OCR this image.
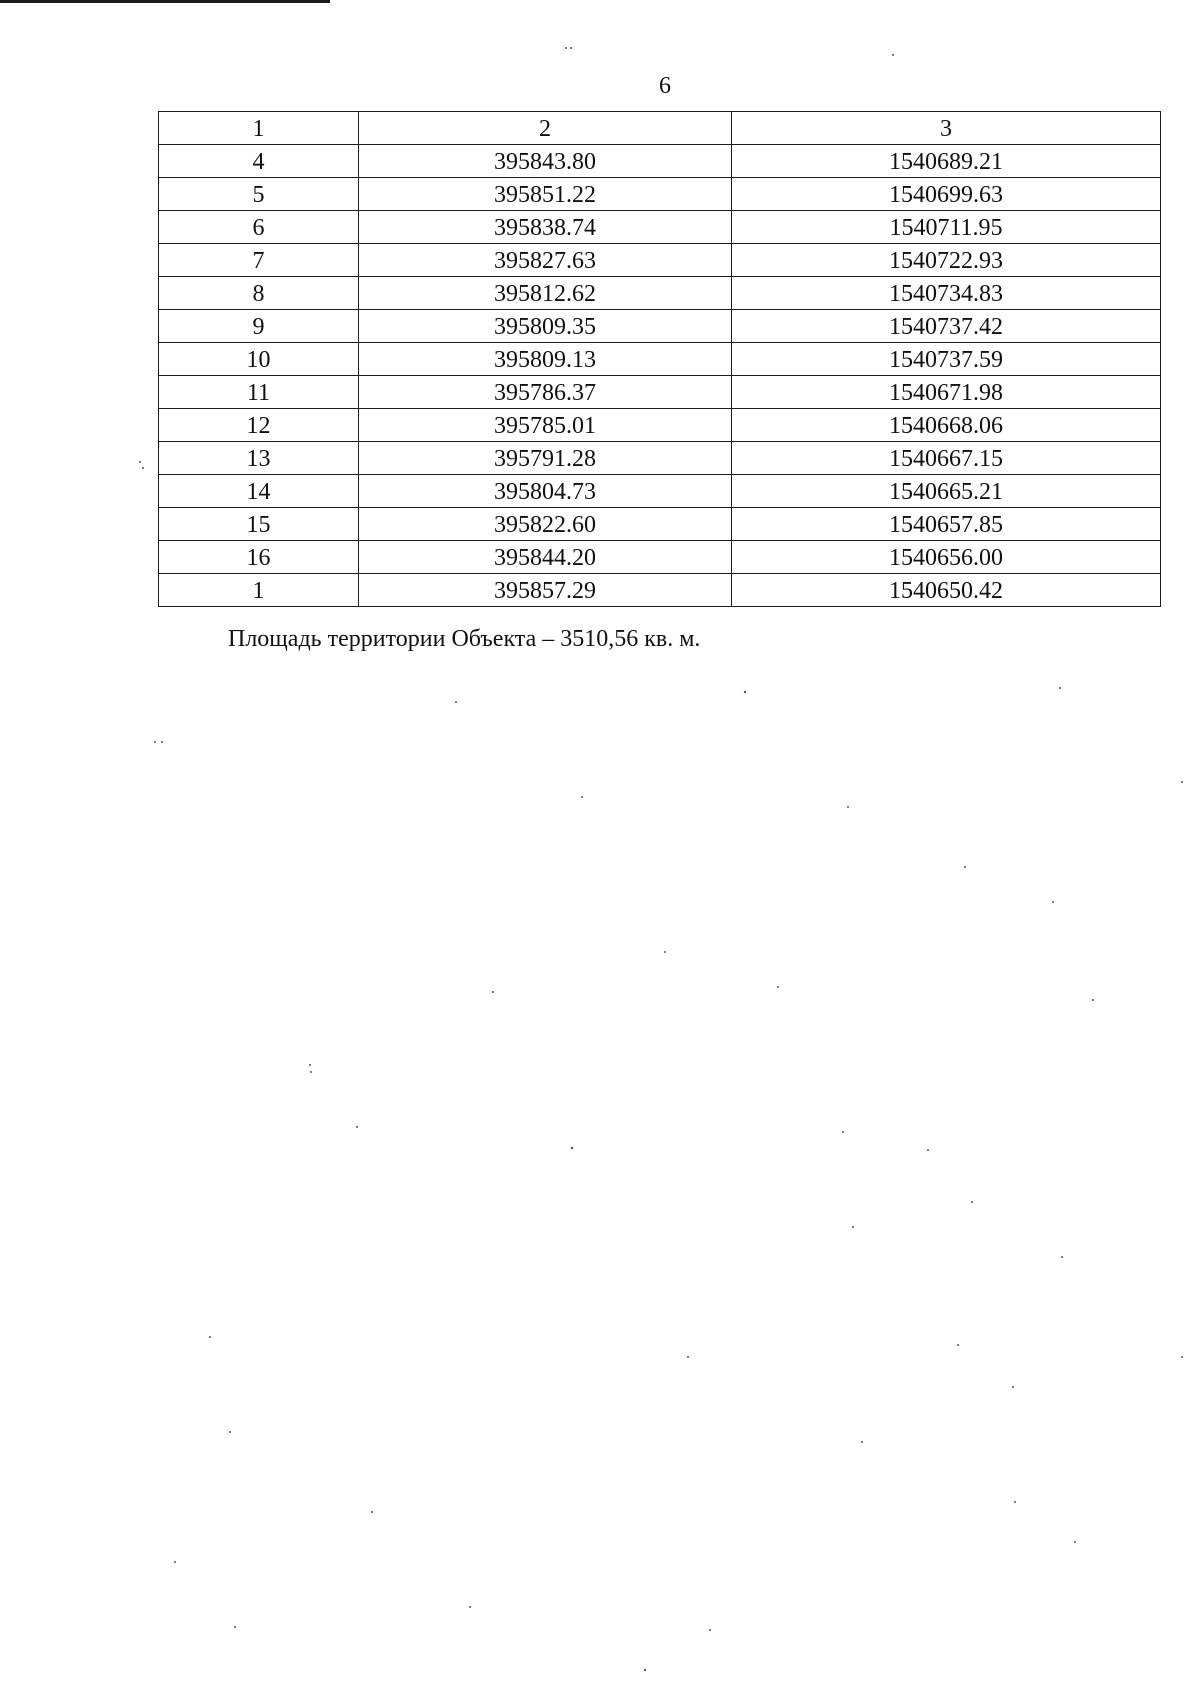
6
1	2	3
4	395843.80	1540689.21
5	395851.22	1540699.63
6	395838.74	1540711.95
7	395827.63	1540722.93
8	395812.62	1540734.83
9	395809.35	1540737.42
10	395809.13	1540737.59
11	395786.37	1540671.98
12	395785.01	1540668.06
13	395791.28	1540667.15
14	395804.73	1540665.21
15	395822.60	1540657.85
16	395844.20	1540656.00
1	395857.29	1540650.42
Площадь территории Объекта – 3510,56 кв. м.
